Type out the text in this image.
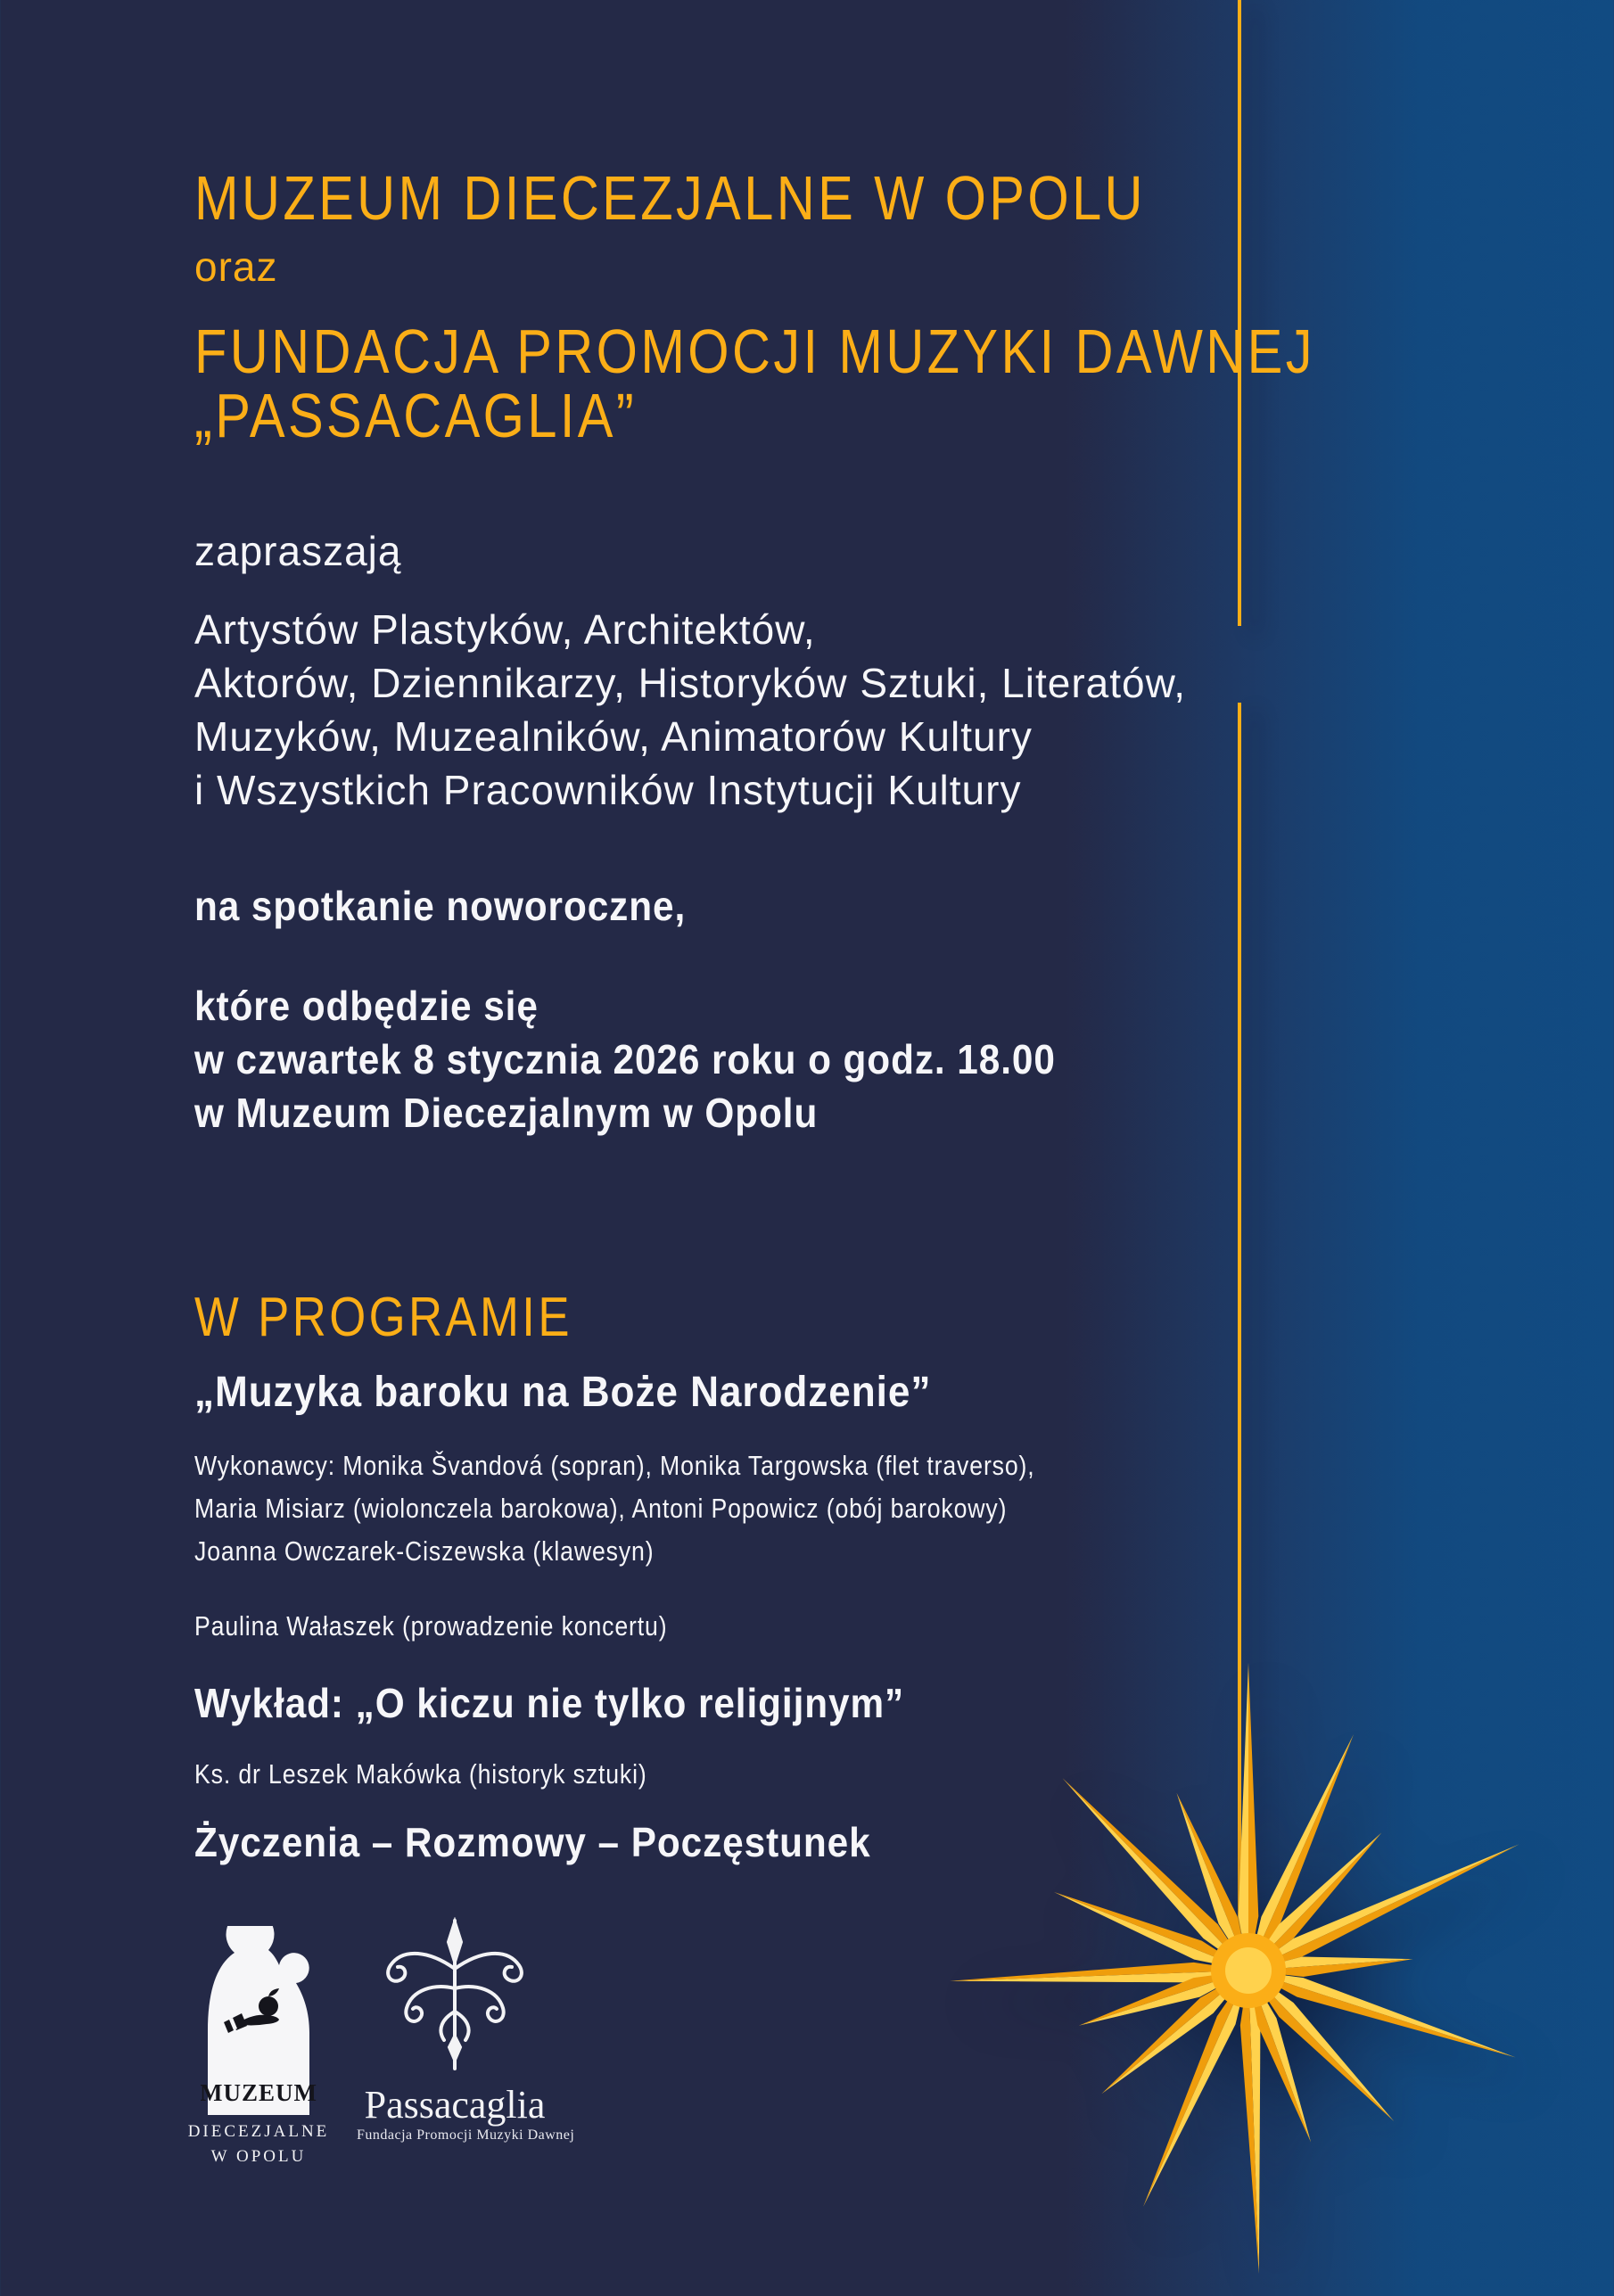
MUZEUM DIECEZJALNE W OPOLU
oraz
FUNDACJA PROMOCJI MUZYKI DAWNEJ
„PASSACAGLIA”
zapraszają
Artystów Plastyków, Architektów,
Aktorów, Dziennikarzy, Historyków Sztuki, Literatów,
Muzyków, Muzealników, Animatorów Kultury
i Wszystkich Pracowników Instytucji Kultury
na spotkanie noworoczne,
które odbędzie się
w czwartek 8 stycznia 2026 roku o godz. 18.00
w Muzeum Diecezjalnym w Opolu
W PROGRAMIE
„Muzyka baroku na Boże Narodzenie”
Wykonawcy: Monika Švandová (sopran), Monika Targowska (flet traverso),
Maria Misiarz (wiolonczela barokowa), Antoni Popowicz (obój barokowy)
Joanna Owczarek-Ciszewska (klawesyn)
Paulina Wałaszek (prowadzenie koncertu)
Wykład: „O kiczu nie tylko religijnym”
Ks. dr Leszek Makówka (historyk sztuki)
Życzenia – Rozmowy – Poczęstunek
MUZEUM
DIECEZJALNE
W OPOLU
Passacaglia
Fundacja Promocji Muzyki Dawnej
